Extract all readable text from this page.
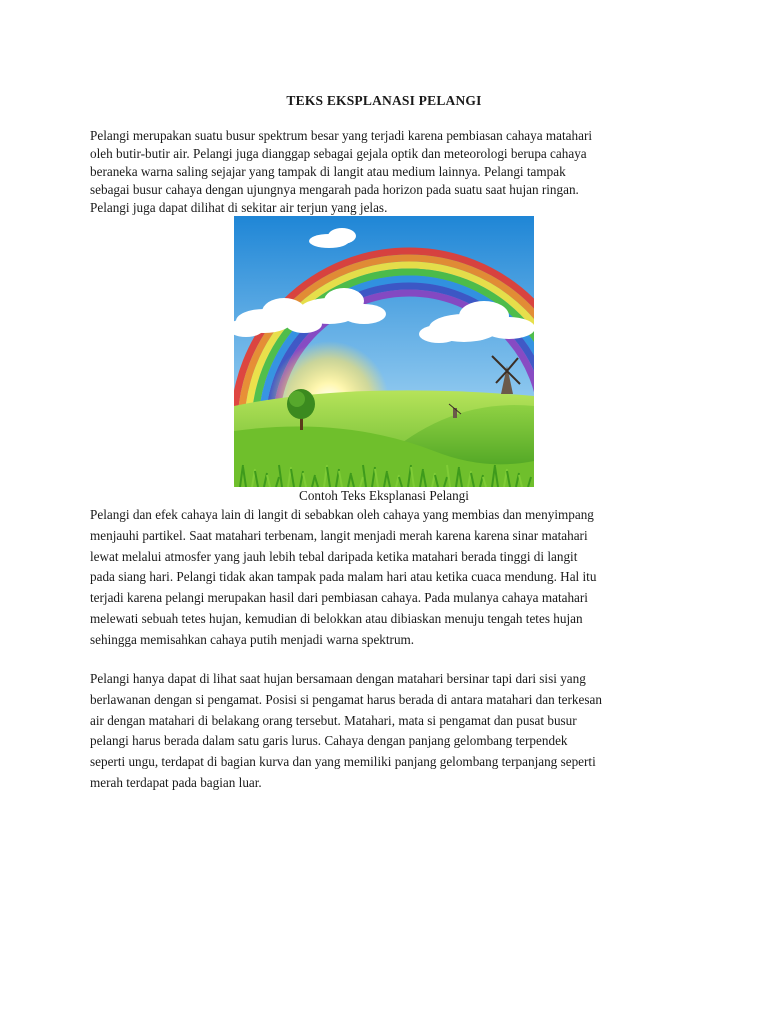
TEKS EKSPLANASI PELANGI

Pelangi merupakan suatu busur spektrum besar yang terjadi karena pembiasan cahaya matahari
oleh butir-butir air. Pelangi juga dianggap sebagai gejala optik dan meteorologi berupa cahaya
beraneka warna saling sejajar yang tampak di langit atau medium lainnya. Pelangi tampak
sebagai busur cahaya dengan ujungnya mengarah pada horizon pada suatu saat hujan ringan.
Pelangi juga dapat dilihat di sekitar air terjun yang jelas.

Contoh Teks Eksplanasi Pelangi

Pelangi dan efek cahaya lain di langit di sebabkan oleh cahaya yang membias dan menyimpang
menjauhi partikel. Saat matahari terbenam, langit menjadi merah karena karena sinar matahari
lewat melalui atmosfer yang jauh lebih tebal daripada ketika matahari berada tinggi di langit
pada siang hari. Pelangi tidak akan tampak pada malam hari atau ketika cuaca mendung. Hal itu
terjadi karena pelangi merupakan hasil dari pembiasan cahaya. Pada mulanya cahaya matahari
melewati sebuah tetes hujan, kemudian di belokkan atau dibiaskan menuju tengah tetes hujan
sehingga memisahkan cahaya putih menjadi warna spektrum.

Pelangi hanya dapat di lihat saat hujan bersamaan dengan matahari bersinar tapi dari sisi yang
berlawanan dengan si pengamat. Posisi si pengamat harus berada di antara matahari dan terkesan
air dengan matahari di belakang orang tersebut. Matahari, mata si pengamat dan pusat busur
pelangi harus berada dalam satu garis lurus. Cahaya dengan panjang gelombang terpendek
seperti ungu, terdapat di bagian kurva dan yang memiliki panjang gelombang terpanjang seperti
merah terdapat pada bagian luar.
